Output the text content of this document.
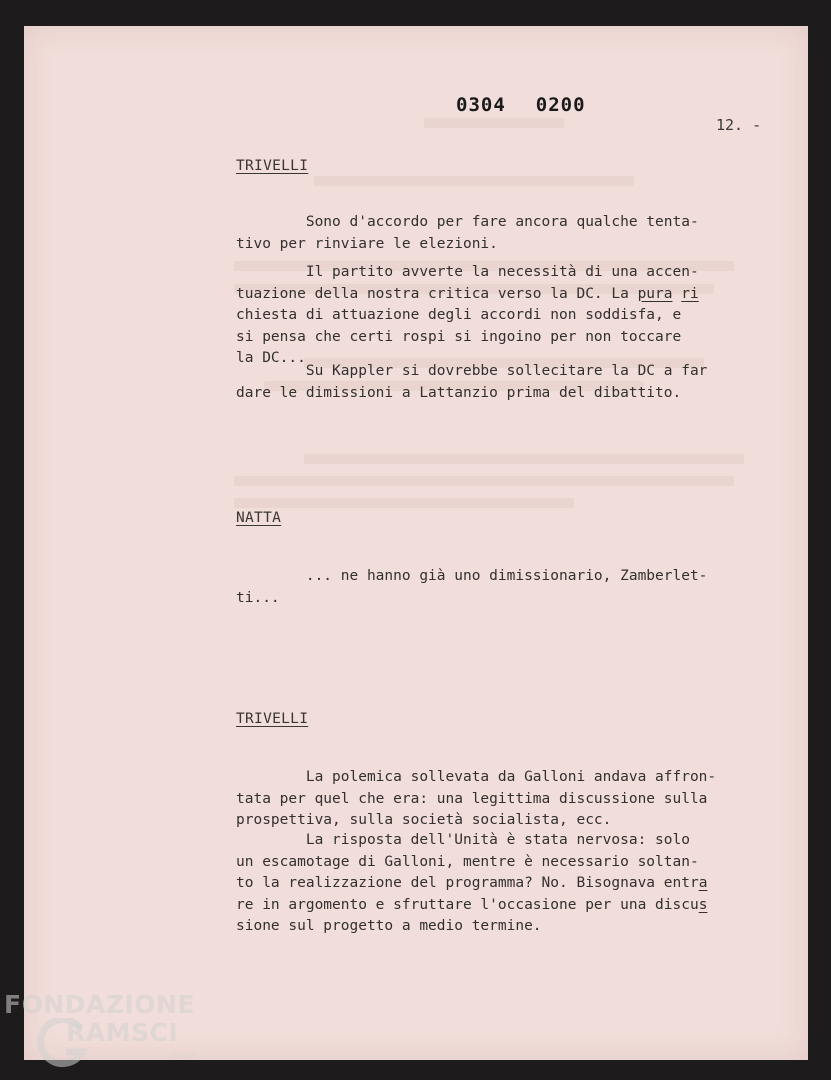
0304 0200
12. -
TRIVELLI

Sono d'accordo per fare ancora qualche tenta-
tivo per rinviare le elezioni.

Il partito avverte la necessità di una accen-
tuazione della nostra critica verso la DC. La pura ri
chiesta di attuazione degli accordi non soddisfa, e
si pensa che certi rospi si ingoino per non toccare
la DC...

Su Kappler si dovrebbe sollecitare la DC a far
dare le dimissioni a Lattanzio prima del dibattito.

NATTA

... ne hanno già uno dimissionario, Zamberlet-
ti...

TRIVELLI

La polemica sollevata da Galloni andava affron-
tata per quel che era: una legittima discussione sulla
prospettiva, sulla società socialista, ecc.

La risposta dell'Unità è stata nervosa: solo
un escamotage di Galloni, mentre è necessario soltan-
to la realizzazione del programma? No. Bisognava entra
re in argomento e sfruttare l'occasione per una discus
sione sul progetto a medio termine.

FONDAZIONE
RAMSCI
onlus
